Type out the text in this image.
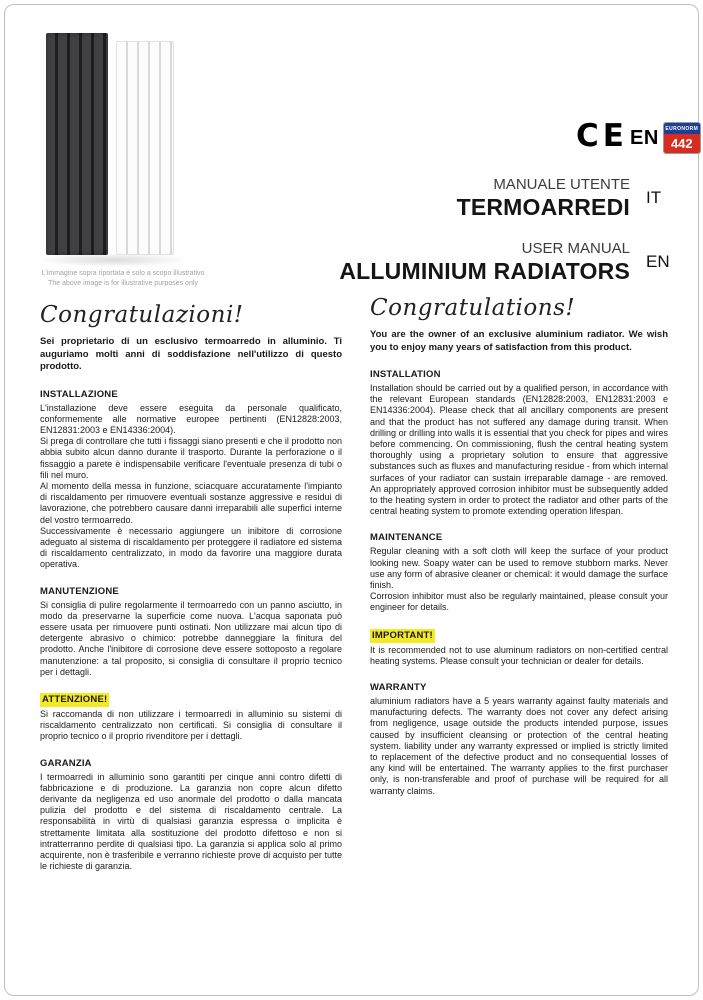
L'immagine sopra riportata è solo a scopo illustrativo
The above image is for illustrative purposes only
CE EN	EURONORM
442
MANUALE UTENTE
TERMOARREDI IT
USER MANUAL
ALLUMINIUM RADIATORS EN
Congratulazioni!
Sei proprietario di un esclusivo termoarredo in alluminio. Ti auguriamo molti anni di soddisfazione nell'utilizzo di questo prodotto.
INSTALLAZIONE

L'installazione deve essere eseguita da personale qualificato, conformemente alle normative europee pertinenti (EN12828:2003, EN12831:2003 e EN14336:2004).

Si prega di controllare che tutti i fissaggi siano presenti e che il prodotto non abbia subito alcun danno durante il trasporto. Durante la perforazione o il fissaggio a parete è indispensabile verificare l'eventuale presenza di tubi o fili nel muro.

Al momento della messa in funzione, sciacquare accuratamente l'impianto di riscaldamento per rimuovere eventuali sostanze aggressive e residui di lavorazione, che potrebbero causare danni irreparabili alle superfici interne del vostro termoarredo.

Successivamente è necessario aggiungere un inibitore di corrosione adeguato al sistema di riscaldamento per proteggere il radiatore ed sistema di riscaldamento centralizzato, in modo da favorire una maggiore durata operativa.

MANUTENZIONE

Si consiglia di pulire regolarmente il termoarredo con un panno asciutto, in modo da preservarne la superficie come nuova. L'acqua saponata può essere usata per rimuovere punti ostinati. Non utilizzare mai alcun tipo di detergente abrasivo o chimico: potrebbe danneggiare la finitura del prodotto. Anche l'inibitore di corrosione deve essere sottoposto a regolare manutenzione: a tal proposito, si consiglia di consultare il proprio tecnico per i dettagli.

ATTENZIONE!

Si raccomanda di non utilizzare i termoarredi in alluminio su sistemi di riscaldamento centralizzato non certificati. Si consiglia di consultare il proprio tecnico o il proprio rivenditore per i dettagli.

GARANZIA

I termoarredi in alluminio sono garantiti per cinque anni contro difetti di fabbricazione e di produzione. La garanzia non copre alcun difetto derivante da negligenza ed uso anormale del prodotto o dalla mancata pulizia del prodotto e del sistema di riscaldamento centrale. La responsabilità in virtù di qualsiasi garanzia espressa o implicita è strettamente limitata alla sostituzione del prodotto difettoso e non si intratterranno perdite di qualsiasi tipo. La garanzia si applica solo al primo acquirente, non è trasferibile e verranno richieste prove di acquisto per tutte le richieste di garanzia.

Congratulations!
You are the owner of an exclusive aluminium radiator. We wish you to enjoy many years of satisfaction from this product.
INSTALLATION

Installation should be carried out by a qualified person, in accordance with the relevant European standards (EN12828:2003, EN12831:2003 e EN14336:2004). Please check that all ancillary components are present and that the product has not suffered any damage during transit. When drilling or drilling into walls it is essential that you check for pipes and wires before commencing. On commissioning, flush the central heating system thoroughly using a proprietary solution to ensure that aggressive substances such as fluxes and manufacturing residue - from which internal surfaces of your radiator can sustain irreparable damage - are removed. An appropriately approved corrosion inhibitor must be subsequently added to the heating system in order to protect the radiator and other parts of the central heating system to promote extending operation lifespan.

MAINTENANCE

Regular cleaning with a soft cloth will keep the surface of your product looking new. Soapy water can be used to remove stubborn marks. Never use any form of abrasive cleaner or chemical: it would damage the surface finish.

Corrosion inhibitor must also be regularly maintained, please consult your engineer for details.

IMPORTANT!

It is recommended not to use aluminum radiators on non-certified central heating systems. Please consult your technician or dealer for details.

WARRANTY

aluminium radiators have a 5 years warranty against faulty materials and manufacturing defects. The warranty does not cover any defect arising from negligence, usage outside the products intended purpose, issues caused by insufficient cleansing or protection of the central heating system. liability under any warranty expressed or implied is strictly limited to replacement of the defective product and no consequential losses of any kind will be entertained. The warranty applies to the first purchaser only, is non-transferable and proof of purchase will be required for all warranty claims.
